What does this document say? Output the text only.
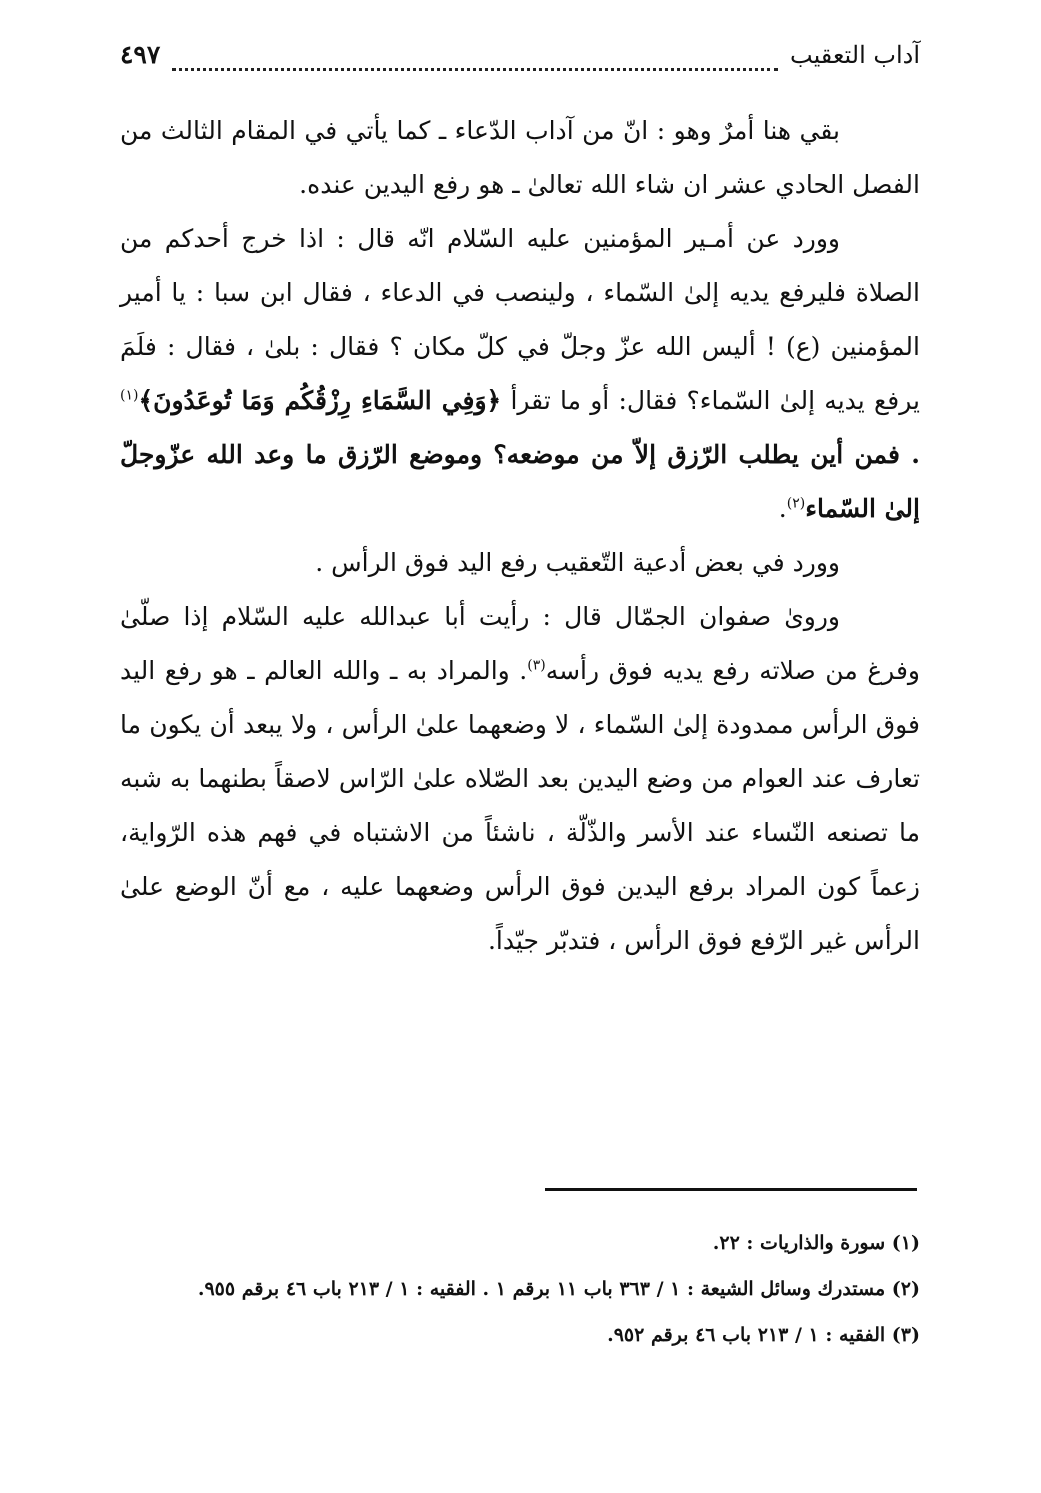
آداب التعقيب
٤٩٧

بقي هنا أمرٌ وهو : انّ من آداب الدّعاء ـ كما يأتي في المقام الثالث من الفصل الحادي عشر ان شاء الله تعالىٰ ـ هو رفع اليدين عنده.

وورد عن أمـير المؤمنين عليه السّلام انّه قال : اذا خرج أحدكم من الصلاة فليرفع يديه إلىٰ السّماء ، ولينصب في الدعاء ، فقال ابن سبا : يا أمير المؤمنين (ع) ! أليس الله عزّ وجلّ في كلّ مكان ؟ فقال : بلىٰ ، فقال : فلَمَ يرفع يديه إلىٰ السّماء؟ فقال: أو ما تقرأ ﴿وَفِي السَّمَاءِ رِزْقُكُم وَمَا تُوعَدُونَ﴾$^{(١)}$ . فمن أين يطلب الرّزق إلاّ من موضعه؟ وموضع الرّزق ما وعد الله عزّوجلّ إلىٰ السّماء$^{(٢)}$.

وورد في بعض أدعية التّعقيب رفع اليد فوق الرأس .

ورویٰ صفوان الجمّال قال : رأيت أبا عبدالله عليه السّلام إذا صلّىٰ وفرغ من صلاته رفع يديه فوق رأسه$^{(٣)}$. والمراد به ـ والله العالم ـ هو رفع اليد فوق الرأس ممدودة إلىٰ السّماء ، لا وضعهما علىٰ الرأس ، ولا يبعد أن يكون ما تعارف عند العوام من وضع اليدين بعد الصّلاه علىٰ الرّاس لاصقاً بطنهما به شبه ما تصنعه النّساء عند الأسر والذّلّة ، ناشئاً من الاشتباه في فهم هذه الرّواية، زعماً كون المراد برفع اليدين فوق الرأس وضعهما عليه ، مع أنّ الوضع علىٰ الرأس غير الرّفع فوق الرأس ، فتدبّر جيّداً.

(١) سورة والذاريات : ٢٢.

(٢) مستدرك وسائل الشيعة : ١ / ٣٦٣ باب ١١ برقم ١ . الفقيه : ١ / ٢١٣ باب ٤٦ برقم ٩٥٥.

(٣) الفقيه : ١ / ٢١٣ باب ٤٦ برقم ٩٥٢.
